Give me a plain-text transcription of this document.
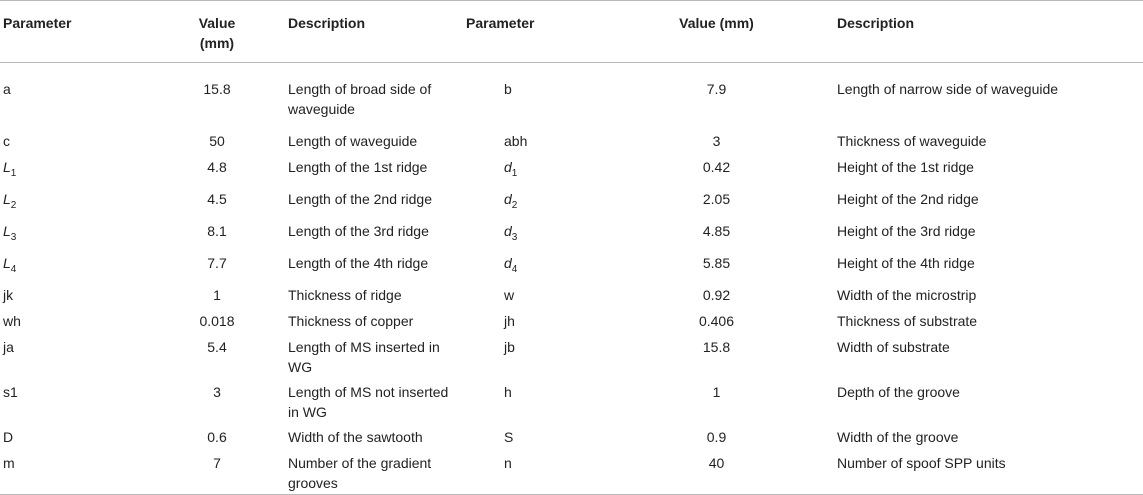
Parameter	Value (mm)	Description	Parameter	Value (mm)	Description
a	15.8	Length of broad side of waveguide	b	7.9	Length of narrow side of waveguide
c	50	Length of waveguide	abh	3	Thickness of waveguide
$L_1$	4.8	Length of the 1st ridge	$d_1$	0.42	Height of the 1st ridge
$L_2$	4.5	Length of the 2nd ridge	$d_2$	2.05	Height of the 2nd ridge
$L_3$	8.1	Length of the 3rd ridge	$d_3$	4.85	Height of the 3rd ridge
$L_4$	7.7	Length of the 4th ridge	$d_4$	5.85	Height of the 4th ridge
jk	1	Thickness of ridge	w	0.92	Width of the microstrip
wh	0.018	Thickness of copper	jh	0.406	Thickness of substrate
ja	5.4	Length of MS inserted in WG	jb	15.8	Width of substrate
s1	3	Length of MS not inserted in WG	h	1	Depth of the groove
D	0.6	Width of the sawtooth	S	0.9	Width of the groove
m	7	Number of the gradient grooves	n	40	Number of spoof SPP units
